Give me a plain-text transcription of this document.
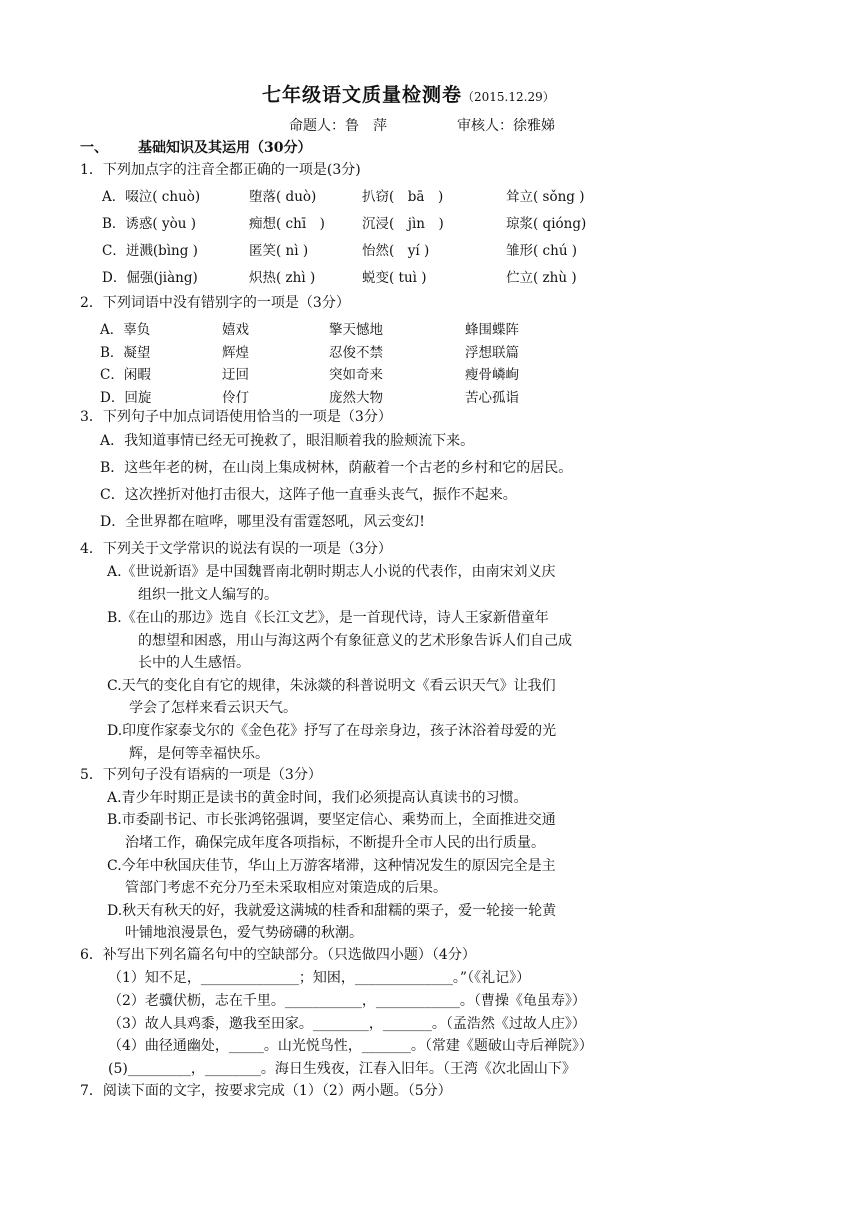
七年级语文质量检测卷（2015.12.29）
命题人：鲁　萍	审核人：徐雅娣
一、 基础知识及其运用（30分）
1．下列加点字的注音全都正确的一项是(3分)
A．啜泣( chuò)	堕落( duò)	扒窃(　bā　)	耸立( sǒng )
B．诱惑( yòu )	痴想( chī　)	沉浸(　jìn　)	琼浆( qióng)
C．迸溅(bìng )	匿笑( nì )	怡然(　yí )	雏形( chú )
D．倔强(jiàng)	炽热( zhì )	蜕变( tuì )	伫立( zhù )
2．下列词语中没有错别字的一项是（3分）
A．辜负	嬉戏	擎天憾地	蜂围蝶阵
B．凝望	辉煌	忍俊不禁	浮想联篇
C．闲暇	迂回	突如奇来	瘦骨嶙峋
D．回旋	伶仃	庞然大物	苦心孤诣
3．下列句子中加点词语使用恰当的一项是（3分）
A．我知道事情已经无可挽救了，眼泪顺着我的脸颊流下来。
B．这些年老的树，在山岗上集成树林，荫蔽着一个古老的乡村和它的居民。
C．这次挫折对他打击很大，这阵子他一直垂头丧气，振作不起来。
D．全世界都在喧哗，哪里没有雷霆怒吼，风云变幻!
4．下列关于文学常识的说法有误的一项是（3分）
A.《世说新语》是中国魏晋南北朝时期志人小说的代表作，由南宋刘义庆
组织一批文人编写的。
B.《在山的那边》选自《长江文艺》，是一首现代诗，诗人王家新借童年
的想望和困惑，用山与海这两个有象征意义的艺术形象告诉人们自己成
长中的人生感悟。
C.天气的变化自有它的规律，朱泳燚的科普说明文《看云识天气》让我们
学会了怎样来看云识天气。
D.印度作家泰戈尔的《金色花》抒写了在母亲身边，孩子沐浴着母爱的光
辉，是何等幸福快乐。
5．下列句子没有语病的一项是（3分）
A.青少年时期正是读书的黄金时间，我们必须提高认真读书的习惯。
B.市委副书记、市长张鸿铭强调，要坚定信心、乘势而上，全面推进交通
治堵工作，确保完成年度各项指标，不断提升全市人民的出行质量。
C.今年中秋国庆佳节，华山上万游客堵滞，这种情况发生的原因完全是主
管部门考虑不充分乃至未采取相应对策造成的后果。
D.秋天有秋天的好，我就爱这满城的桂香和甜糯的栗子，爱一轮接一轮黄
叶铺地浪漫景色，爱气势磅礴的秋潮。
6．补写出下列名篇名句中的空缺部分。（只选做四小题）（4分）
（1）知不足，______________；知困，______________。”（《礼记》）
（2）老骥伏枥，志在千里。___________，____________。（曹操《龟虽寿》）
（3）故人具鸡黍，邀我至田家。________，_______。（孟浩然《过故人庄》）
（4）曲径通幽处，_____。山光悦鸟性，_______。（常建《题破山寺后禅院》）
(5)_________，________。海日生残夜，江春入旧年。（王湾《次北固山下》
7．阅读下面的文字，按要求完成（1）（2）两小题。（5分）
